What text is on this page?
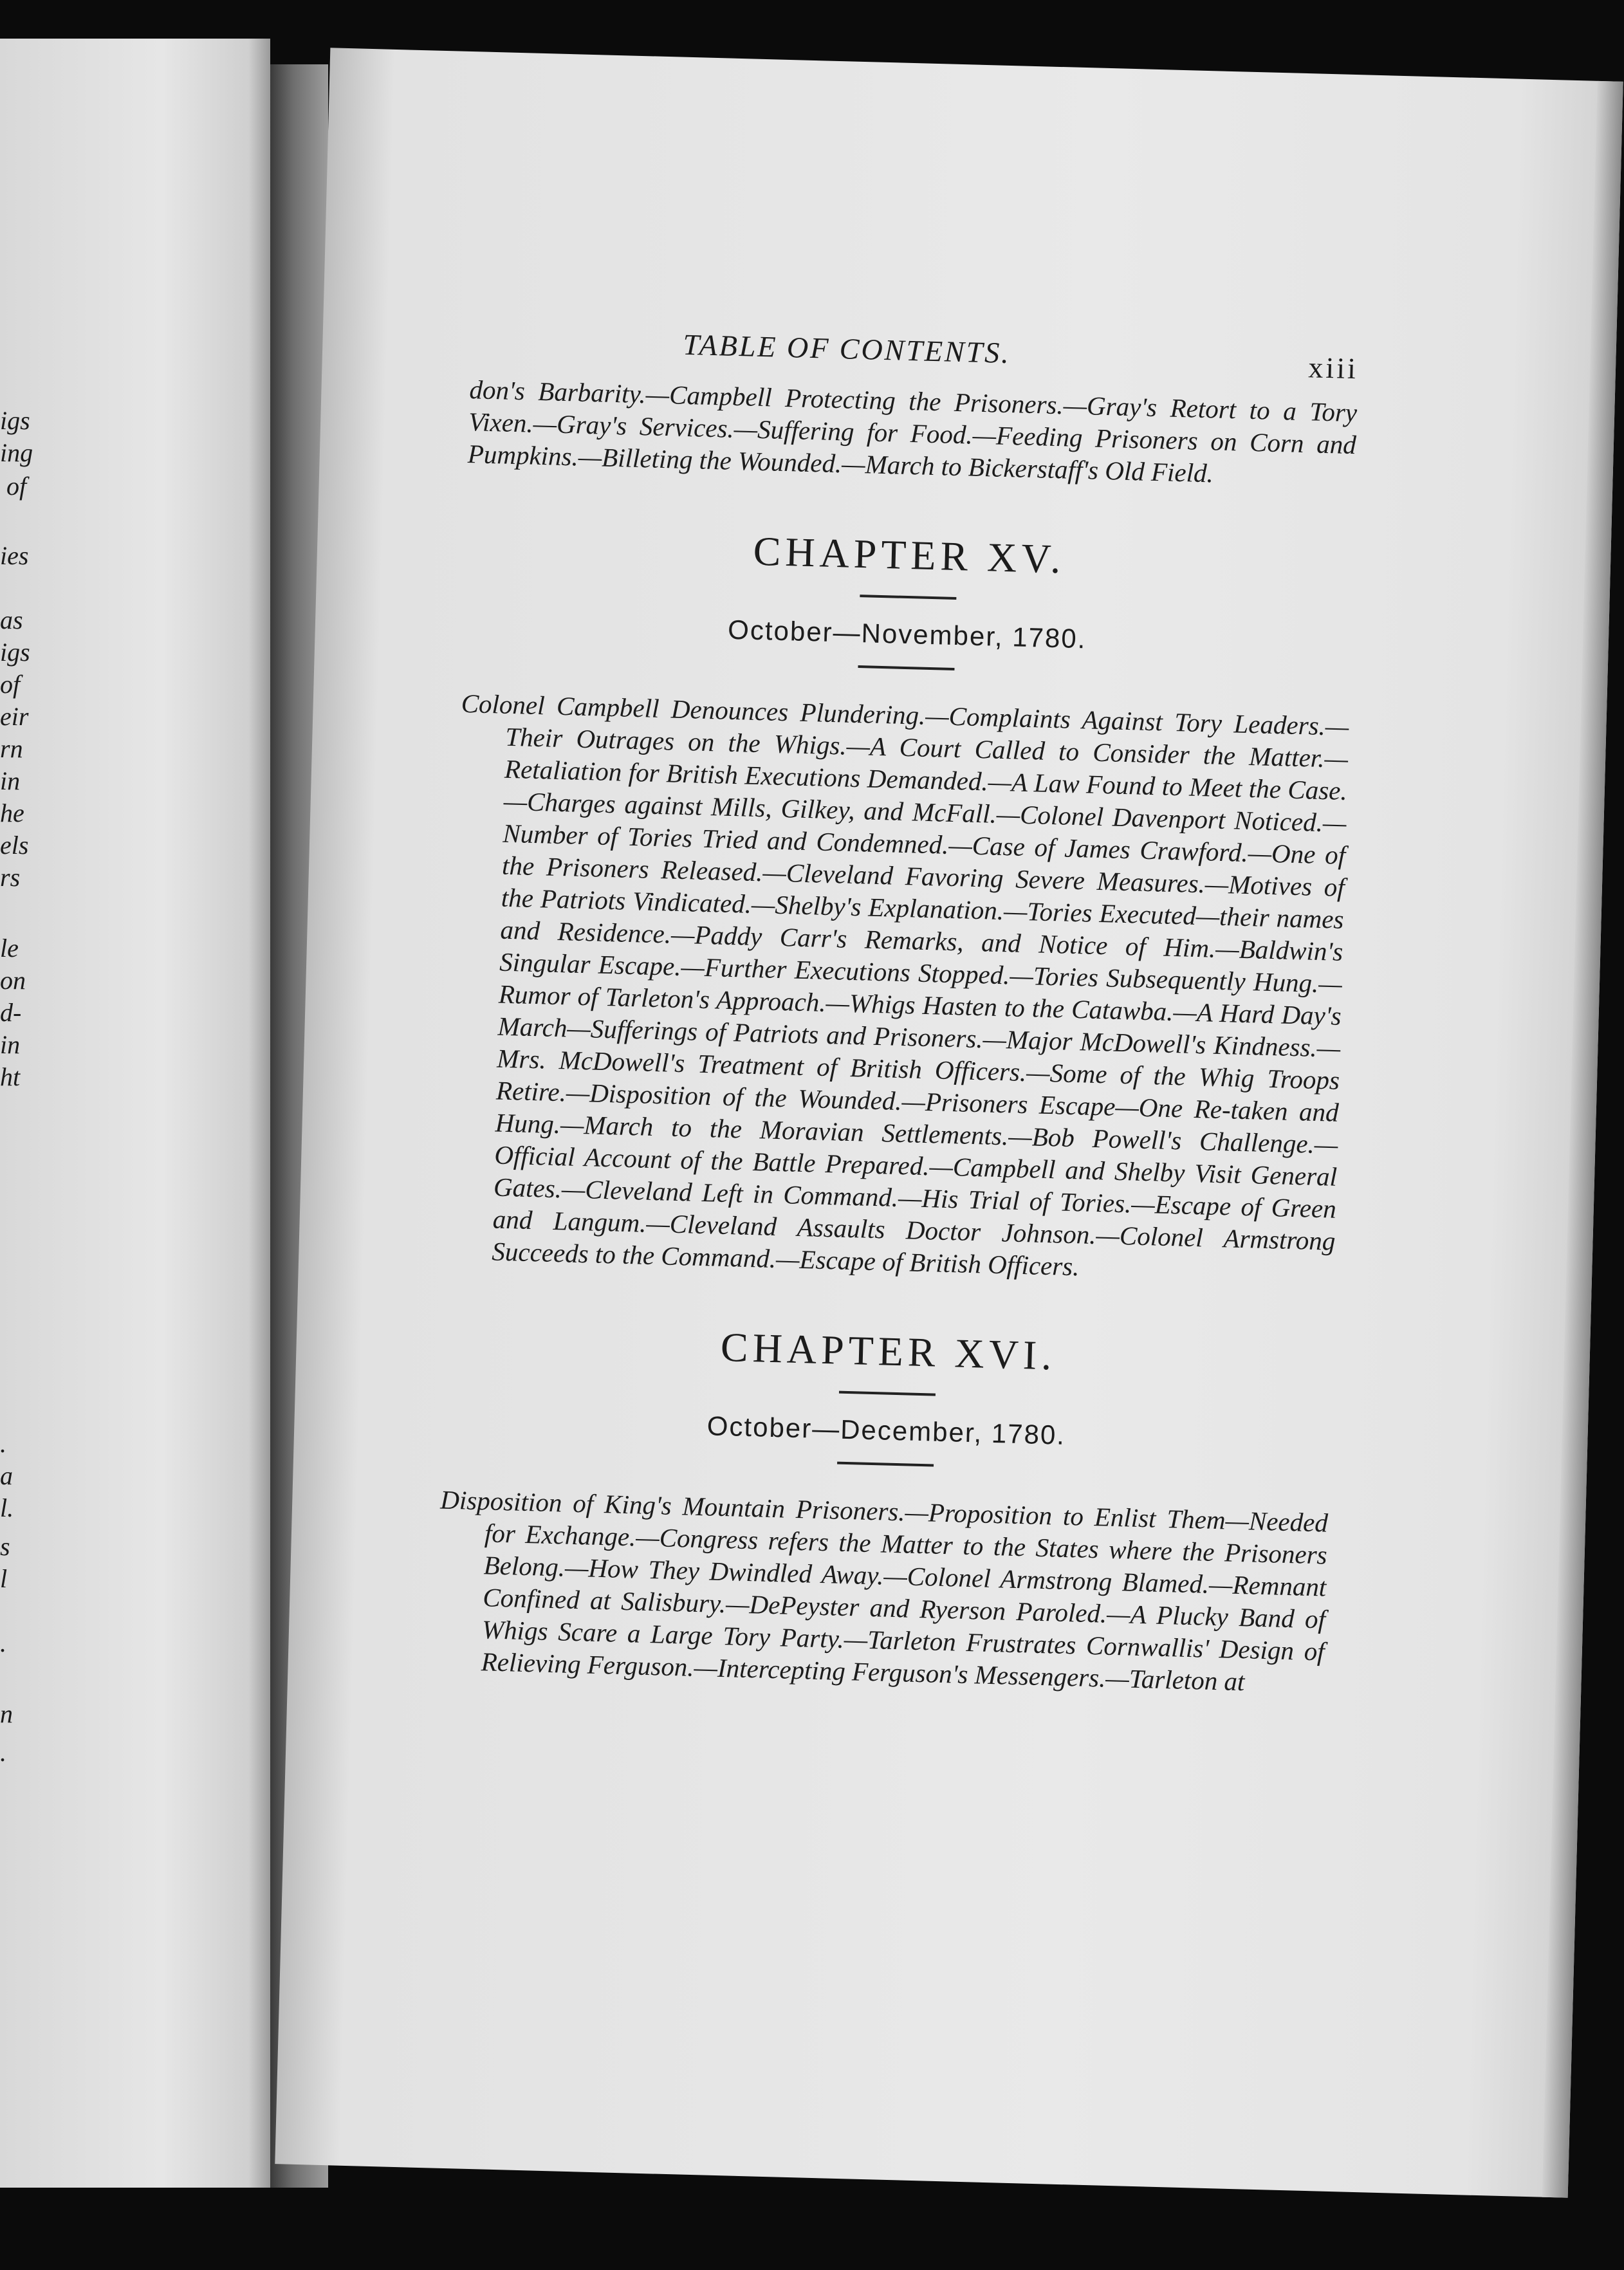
igs
ing
of
ies
as
igs
of
eir
rn
in
he
els
rs
le
on
d-
in
ht
.
a
l.
s
l
.
n
.
TABLE OF CONTENTS.	xiii

don's Barbarity.—Campbell Protecting the Prisoners.—Gray's Retort to a Tory Vixen.—Gray's Services.—Suffering for Food.—Feeding Prisoners on Corn and Pumpkins.—Billeting the Wounded.—March to Bickerstaff's Old Field.

CHAPTER XV.
October—November, 1780.

Colonel Campbell Denounces Plundering.—Complaints Against Tory Leaders.—Their Outrages on the Whigs.—A Court Called to Consider the Matter.—Retaliation for British Executions Demanded.—A Law Found to Meet the Case.—Charges against Mills, Gilkey, and McFall.—Colonel Davenport Noticed.—Number of Tories Tried and Condemned.—Case of James Crawford.—One of the Prisoners Released.—Cleveland Favoring Severe Measures.—Motives of the Patriots Vindicated.—Shelby's Explanation.—Tories Executed—their names and Residence.—Paddy Carr's Remarks, and Notice of Him.—Baldwin's Singular Escape.—Further Executions Stopped.—Tories Subsequently Hung.—Rumor of Tarleton's Approach.—Whigs Hasten to the Catawba.—A Hard Day's March—Sufferings of Patriots and Prisoners.—Major McDowell's Kindness.—Mrs. McDowell's Treatment of British Officers.—Some of the Whig Troops Retire.—Disposition of the Wounded.—Prisoners Escape—One Re-taken and Hung.—March to the Moravian Settlements.—Bob Powell's Challenge.—Official Account of the Battle Prepared.—Campbell and Shelby Visit General Gates.—Cleveland Left in Command.—His Trial of Tories.—Escape of Green and Langum.—Cleveland Assaults Doctor Johnson.—Colonel Armstrong Succeeds to the Command.—Escape of British Officers.

CHAPTER XVI.
October—December, 1780.

Disposition of King's Mountain Prisoners.—Proposition to Enlist Them—Needed for Exchange.—Congress refers the Matter to the States where the Prisoners Belong.—How They Dwindled Away.—Colonel Armstrong Blamed.—Remnant Confined at Salisbury.—DePeyster and Ryerson Paroled.—A Plucky Band of Whigs Scare a Large Tory Party.—Tarleton Frustrates Cornwallis' Design of Relieving Ferguson.—Intercepting Ferguson's Messengers.—Tarleton at
